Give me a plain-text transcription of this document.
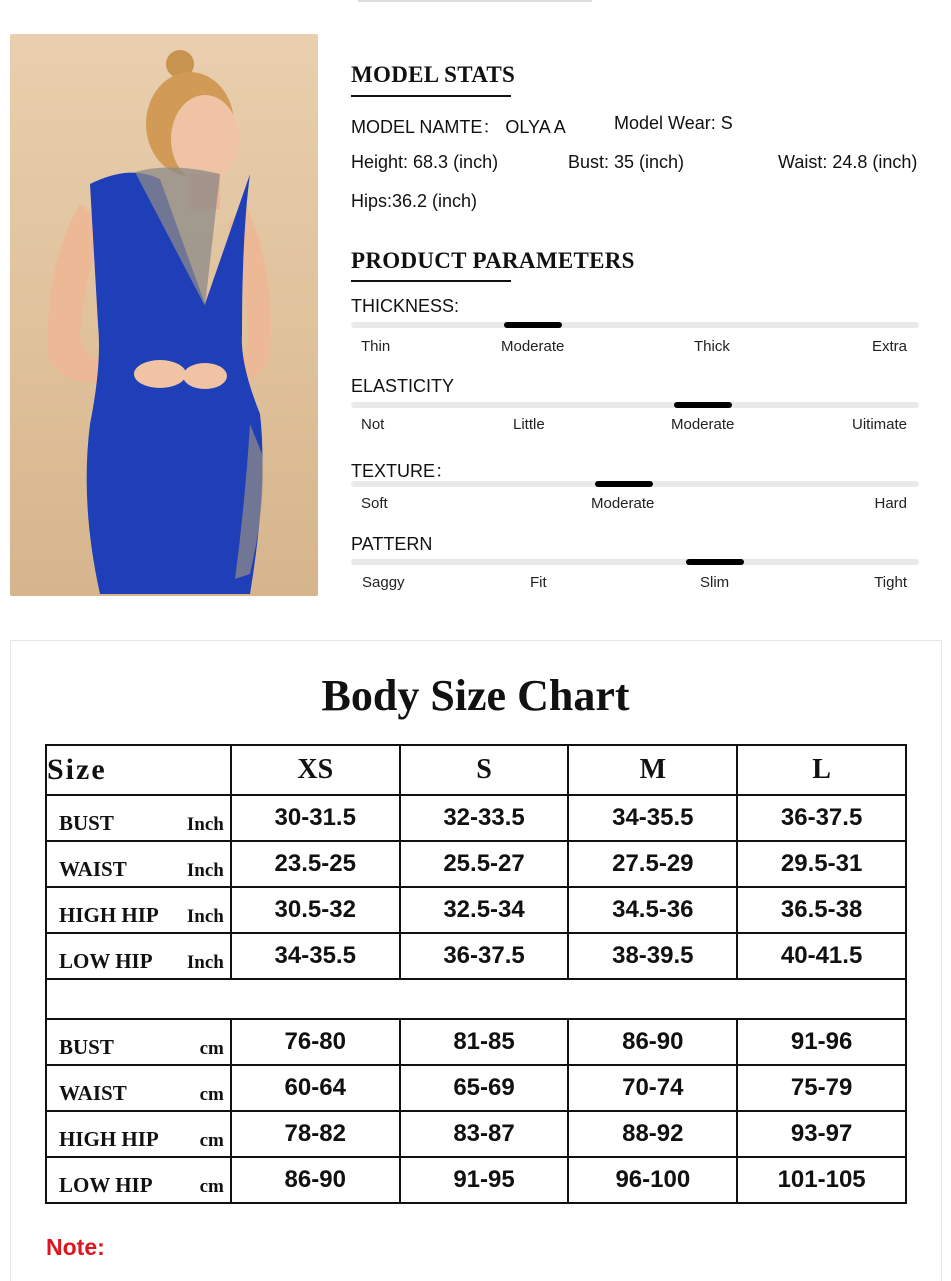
MODEL STATS
MODEL NAMTE： OLYA A	Model Wear: S
Height: 68.3 (inch)	Bust: 35 (inch)	Waist: 24.8 (inch)
Hips:36.2 (inch)
PRODUCT PARAMETERS
THICKNESS:
Thin	Moderate	Thick	Extra
ELASTICITY
Not	Little	Moderate	Uitimate
TEXTURE：
Soft	Moderate	Hard
PATTERN
Saggy	Fit	Slim	Tight
Body Size Chart
Size	XS	S	M	L

BUST Inch	30-31.5	32-33.5	34-35.5	36-37.5

WAIST Inch	23.5-25	25.5-27	27.5-29	29.5-31

HIGH HIP Inch	30.5-32	32.5-34	34.5-36	36.5-38

LOW HIP Inch	34-35.5	36-37.5	38-39.5	40-41.5

BUST cm	76-80	81-85	86-90	91-96

WAIST cm	60-64	65-69	70-74	75-79

HIGH HIP cm	78-82	83-87	88-92	93-97

LOW HIP cm	86-90	91-95	96-100	101-105
Note:
